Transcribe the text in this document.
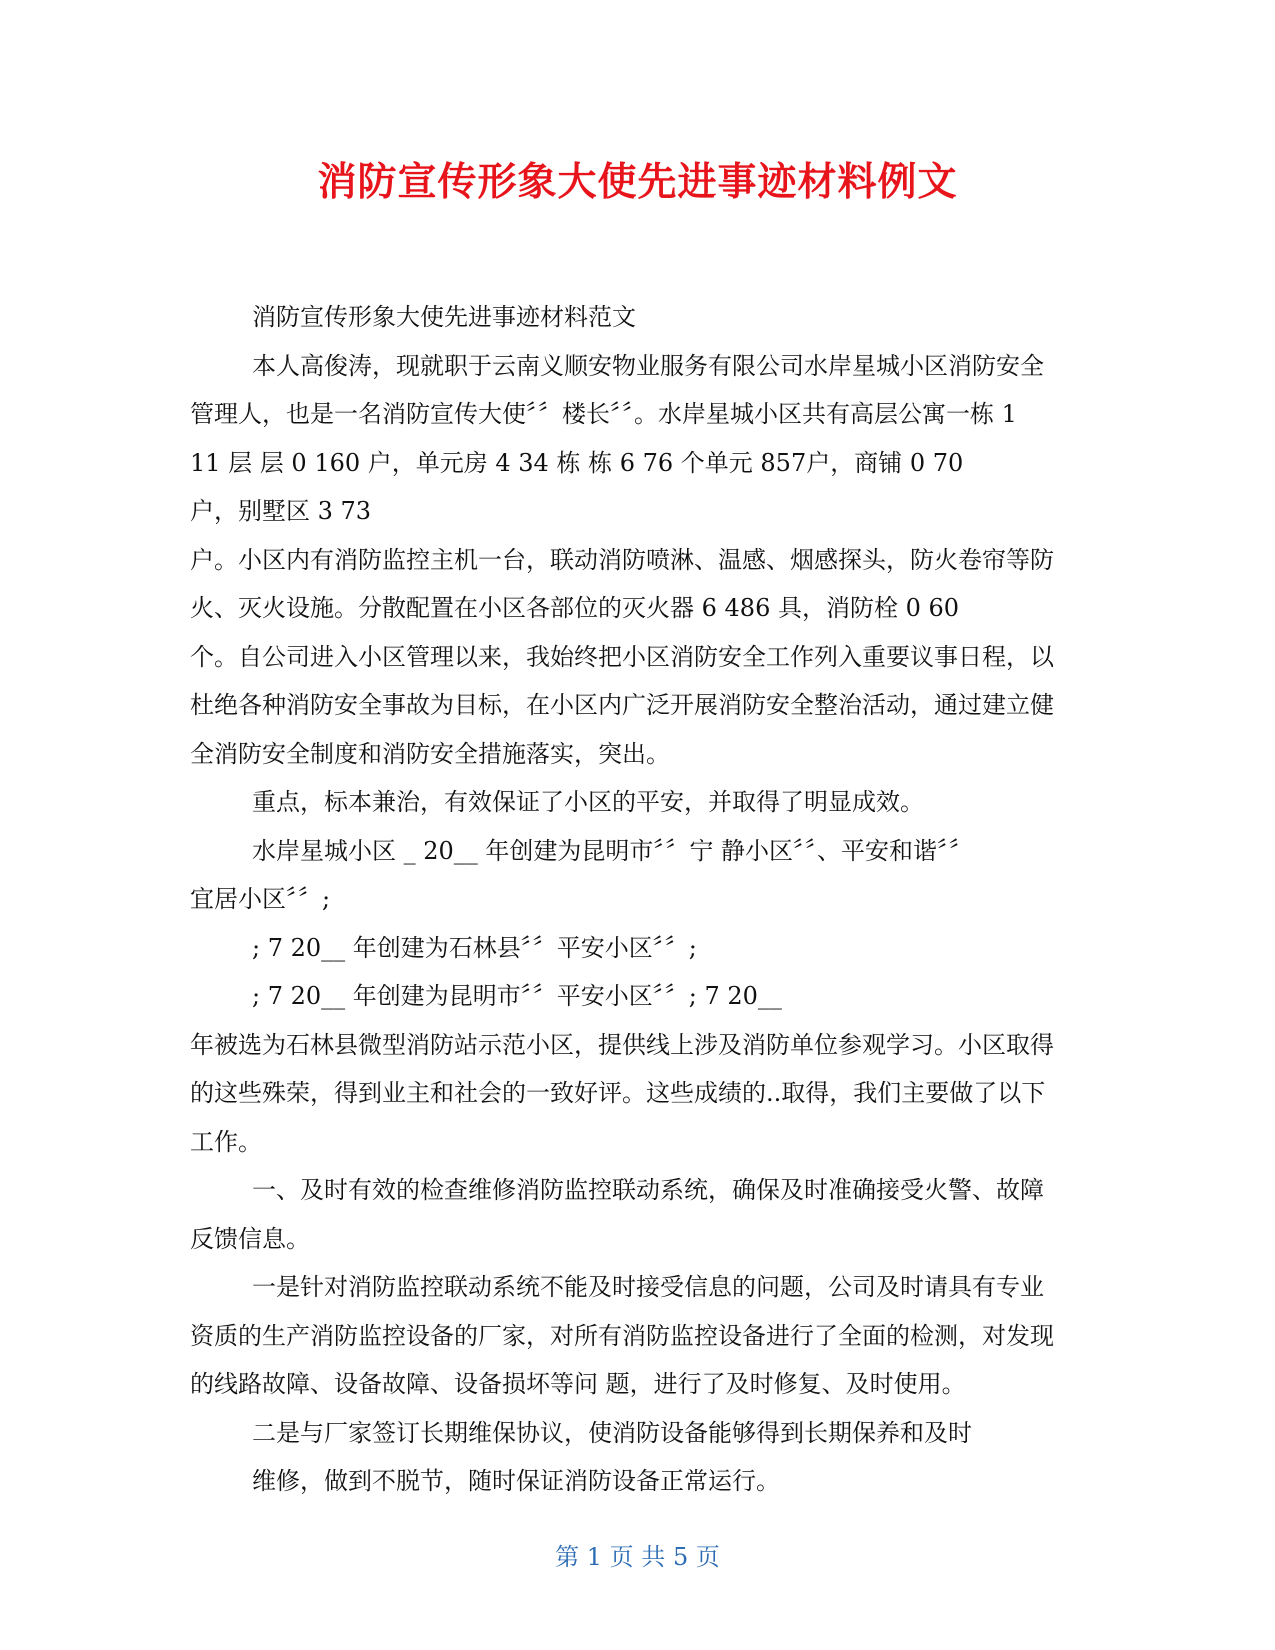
消防宣传形象大使先进事迹材料例文
消防宣传形象大使先进事迹材料范文
本人高俊涛，现就职于云南义顺安物业服务有限公司水岸星城小区消防安全
管理人，也是一名消防宣传大使〞〞楼长〞〞。水岸星城小区共有高层公寓一栋 1
11 层 层 0 160 户，单元房 4 34 栋 栋 6 76 个单元 857户，商铺 0 70
户，别墅区 3 73
户。小区内有消防监控主机一台，联动消防喷淋、温感、烟感探头，防火卷帘等防
火、灭火设施。分散配置在小区各部位的灭火器 6 486 具，消防栓 0 60
个。自公司进入小区管理以来，我始终把小区消防安全工作列入重要议事日程，以
杜绝各种消防安全事故为目标，在小区内广泛开展消防安全整治活动，通过建立健
全消防安全制度和消防安全措施落实，突出。
重点，标本兼治，有效保证了小区的平安，并取得了明显成效。
水岸星城小区 _ 20__ 年创建为昆明市〞〞宁 静小区〞〞、平安和谐〞〞
宜居小区〞〞;
; 7 20__ 年创建为石林县〞〞平安小区〞〞;
; 7 20__ 年创建为昆明市〞〞平安小区〞〞; 7 20__
年被选为石林县微型消防站示范小区，提供线上涉及消防单位参观学习。小区取得
的这些殊荣，得到业主和社会的一致好评。这些成绩的..取得，我们主要做了以下
工作。
一、及时有效的检查维修消防监控联动系统，确保及时准确接受火警、故障
反馈信息。
一是针对消防监控联动系统不能及时接受信息的问题，公司及时请具有专业
资质的生产消防监控设备的厂家，对所有消防监控设备进行了全面的检测，对发现
的线路故障、设备故障、设备损坏等问 题，进行了及时修复、及时使用。
二是与厂家签订长期维保协议，使消防设备能够得到长期保养和及时
维修，做到不脱节，随时保证消防设备正常运行。
第 1 页 共 5 页
